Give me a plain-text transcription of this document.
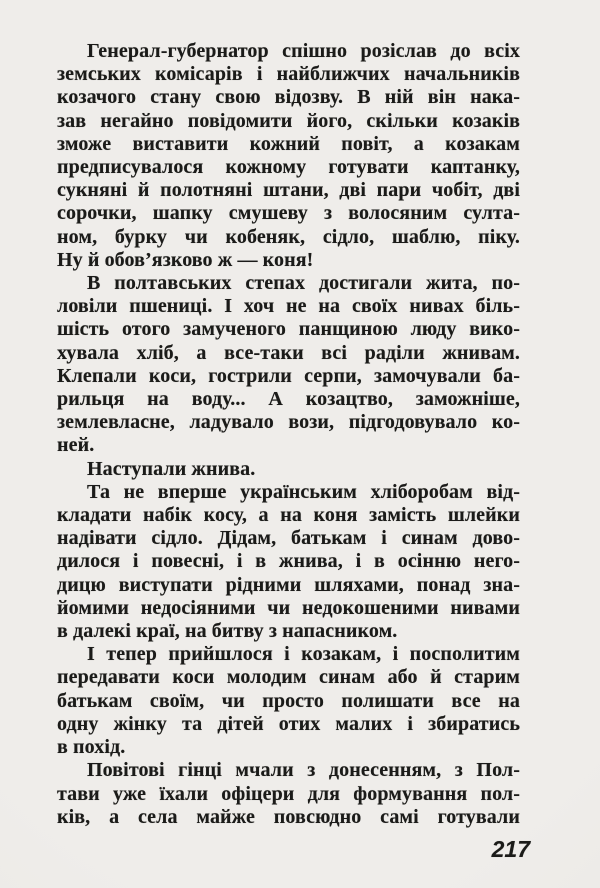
Генерал-губернатор спішно розіслав до всіх
земських комісарів і найближчих начальників
козачого стану свою відозву. В ній він нака-
зав негайно повідомити його, скільки козаків
зможе виставити кожний повіт, а козакам
предписувалося кожному готувати каптанку,
сукняні й полотняні штани, дві пари чобіт, дві
сорочки, шапку смушеву з волосяним султа-
ном, бурку чи кобеняк, сідло, шаблю, піку.
Ну й обов’язково ж — коня!
В полтавських степах достигали жита, по-
ловіли пшениці. І хоч не на своїх нивах біль-
шість отого замученого панщиною люду вико-
хувала хліб, а все-таки всі раділи жнивам.
Клепали коси, гострили серпи, замочували ба-
рильця на воду... А козацтво, заможніше,
землевласне, ладувало вози, підгодовувало ко-
ней.
Наступали жнива.
Та не вперше українським хліборобам від-
кладати набік косу, а на коня замість шлейки
надівати сідло. Дідам, батькам і синам дово-
дилося і повесні, і в жнива, і в осінню него-
дицю виступати рідними шляхами, понад зна-
йомими недосіяними чи недокошеними нивами
в далекі краї, на битву з напасником.
І тепер прийшлося і козакам, і посполитим
передавати коси молодим синам або й старим
батькам своїм, чи просто полишати все на
одну жінку та дітей отих малих і збиратись
в похід.
Повітові гінці мчали з донесенням, з Пол-
тави уже їхали офіцери для формування пол-
ків, а села майже повсюдно самі готували
217
